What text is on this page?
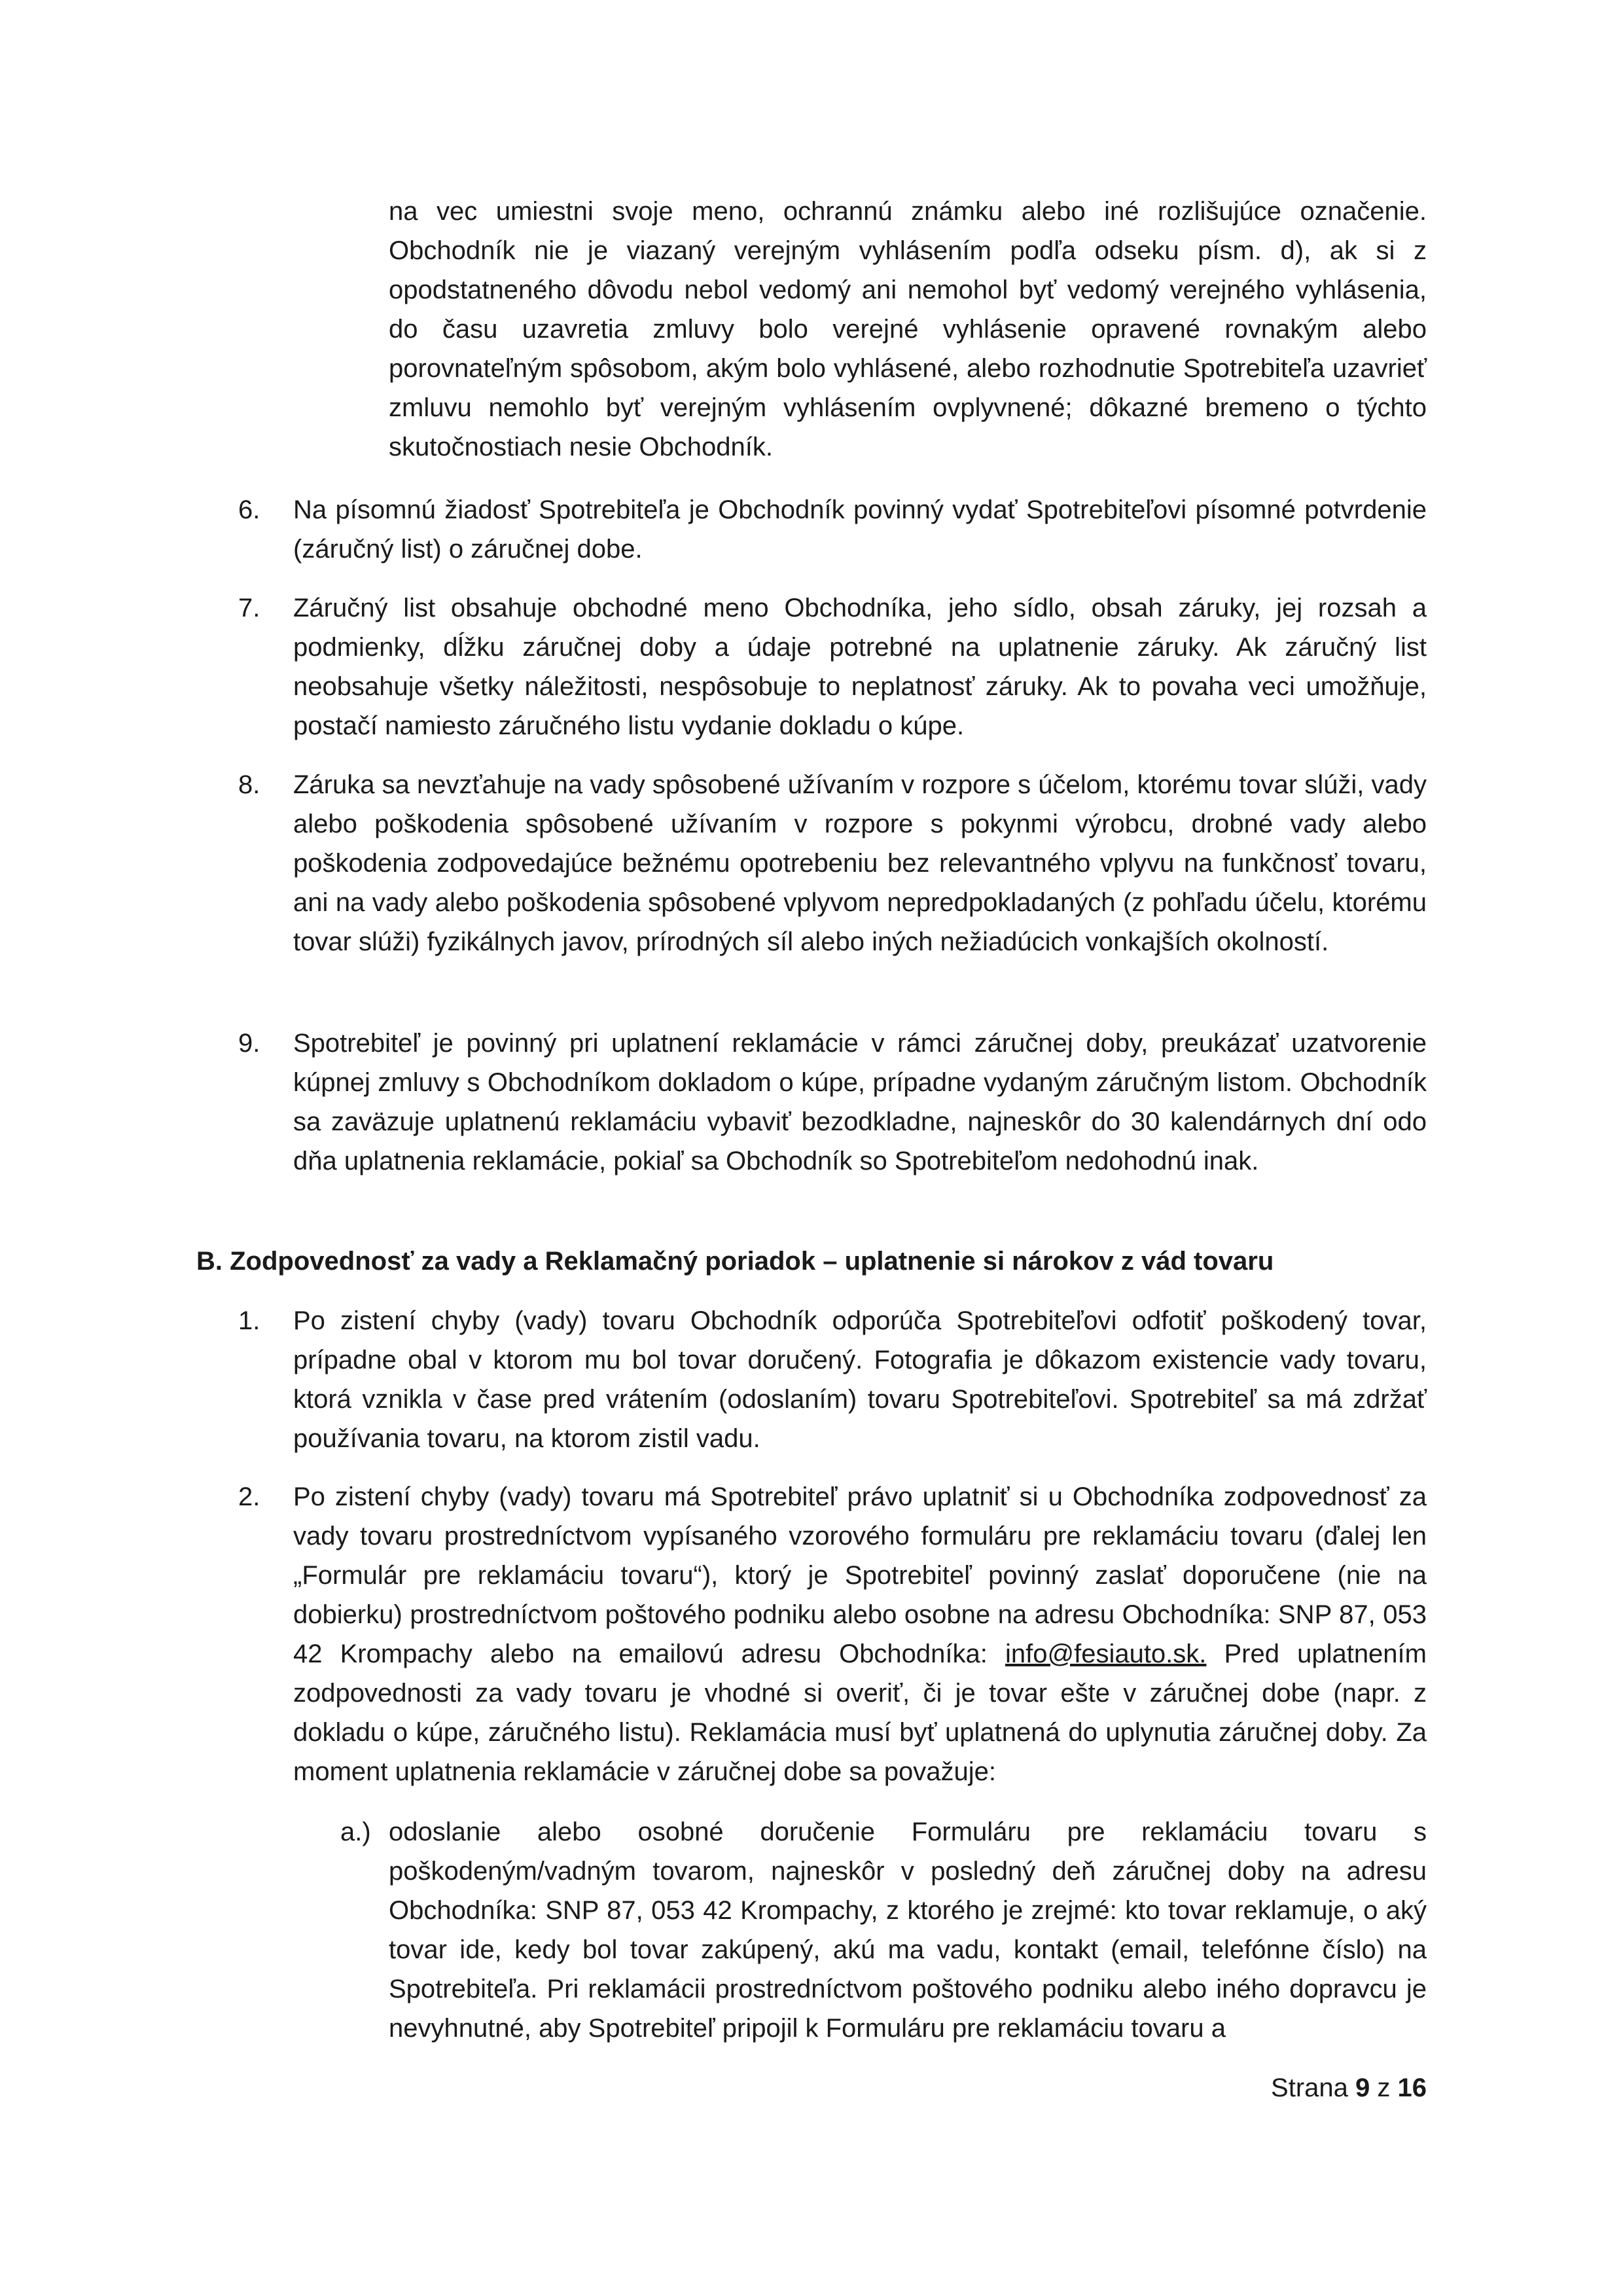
na vec umiestni svoje meno, ochrannú známku alebo iné rozlišujúce označenie. Obchodník nie je viazaný verejným vyhlásením podľa odseku písm. d), ak si z opodstatneného dôvodu nebol vedomý ani nemohol byť vedomý verejného vyhlásenia, do času uzavretia zmluvy bolo verejné vyhlásenie opravené rovnakým alebo porovnateľným spôsobom, akým bolo vyhlásené, alebo rozhodnutie Spotrebiteľa uzavrieť zmluvu nemohlo byť verejným vyhlásením ovplyvnené; dôkazné bremeno o týchto skutočnostiach nesie Obchodník.

6.	Na písomnú žiadosť Spotrebiteľa je Obchodník povinný vydať Spotrebiteľovi písomné potvrdenie (záručný list) o záručnej dobe.
7.	Záručný list obsahuje obchodné meno Obchodníka, jeho sídlo, obsah záruky, jej rozsah a podmienky, dĺžku záručnej doby a údaje potrebné na uplatnenie záruky. Ak záručný list neobsahuje všetky náležitosti, nespôsobuje to neplatnosť záruky. Ak to povaha veci umožňuje, postačí namiesto záručného listu vydanie dokladu o kúpe.
8.	Záruka sa nevzťahuje na vady spôsobené užívaním v rozpore s účelom, ktorému tovar slúži, vady alebo poškodenia spôsobené užívaním v rozpore s pokynmi výrobcu, drobné vady alebo poškodenia zodpovedajúce bežnému opotrebeniu bez relevantného vplyvu na funkčnosť tovaru, ani na vady alebo poškodenia spôsobené vplyvom nepredpokladaných (z pohľadu účelu, ktorému tovar slúži) fyzikálnych javov, prírodných síl alebo iných nežiadúcich vonkajších okolností.
9.	Spotrebiteľ je povinný pri uplatnení reklamácie v rámci záručnej doby, preukázať uzatvorenie kúpnej zmluvy s Obchodníkom dokladom o kúpe, prípadne vydaným záručným listom. Obchodník sa zaväzuje uplatnenú reklamáciu vybaviť bezodkladne, najneskôr do 30 kalendárnych dní odo dňa uplatnenia reklamácie, pokiaľ sa Obchodník so Spotrebiteľom nedohodnú inak.
B. Zodpovednosť za vady a Reklamačný poriadok – uplatnenie si nárokov z vád tovaru
1.	Po zistení chyby (vady) tovaru Obchodník odporúča Spotrebiteľovi odfotiť poškodený tovar, prípadne obal v ktorom mu bol tovar doručený. Fotografia je dôkazom existencie vady tovaru, ktorá vznikla v čase pred vrátením (odoslaním) tovaru Spotrebiteľovi. Spotrebiteľ sa má zdržať používania tovaru, na ktorom zistil vadu.
2.	Po zistení chyby (vady) tovaru má Spotrebiteľ právo uplatniť si u Obchodníka zodpovednosť za vady tovaru prostredníctvom vypísaného vzorového formuláru pre reklamáciu tovaru (ďalej len „Formulár pre reklamáciu tovaru“), ktorý je Spotrebiteľ povinný zaslať doporučene (nie na dobierku) prostredníctvom poštového podniku alebo osobne na adresu Obchodníka: SNP 87, 053 42 Krompachy alebo na emailovú adresu Obchodníka: info@fesiauto.sk. Pred uplatnením zodpovednosti za vady tovaru je vhodné si overiť, či je tovar ešte v záručnej dobe (napr. z dokladu o kúpe, záručného listu). Reklamácia musí byť uplatnená do uplynutia záručnej doby. Za moment uplatnenia reklamácie v záručnej dobe sa považuje:
a.) odoslanie alebo osobné doručenie Formuláru pre reklamáciu tovaru s poškodeným/vadným tovarom, najneskôr v posledný deň záručnej doby na adresu Obchodníka: SNP 87, 053 42 Krompachy, z ktorého je zrejmé: kto tovar reklamuje, o aký tovar ide, kedy bol tovar zakúpený, akú ma vadu, kontakt (email, telefónne číslo) na Spotrebiteľa. Pri reklamácii prostredníctvom poštového podniku alebo iného dopravcu je nevyhnutné, aby Spotrebiteľ pripojil k Formuláru pre reklamáciu tovaru a
Strana 9 z 16
